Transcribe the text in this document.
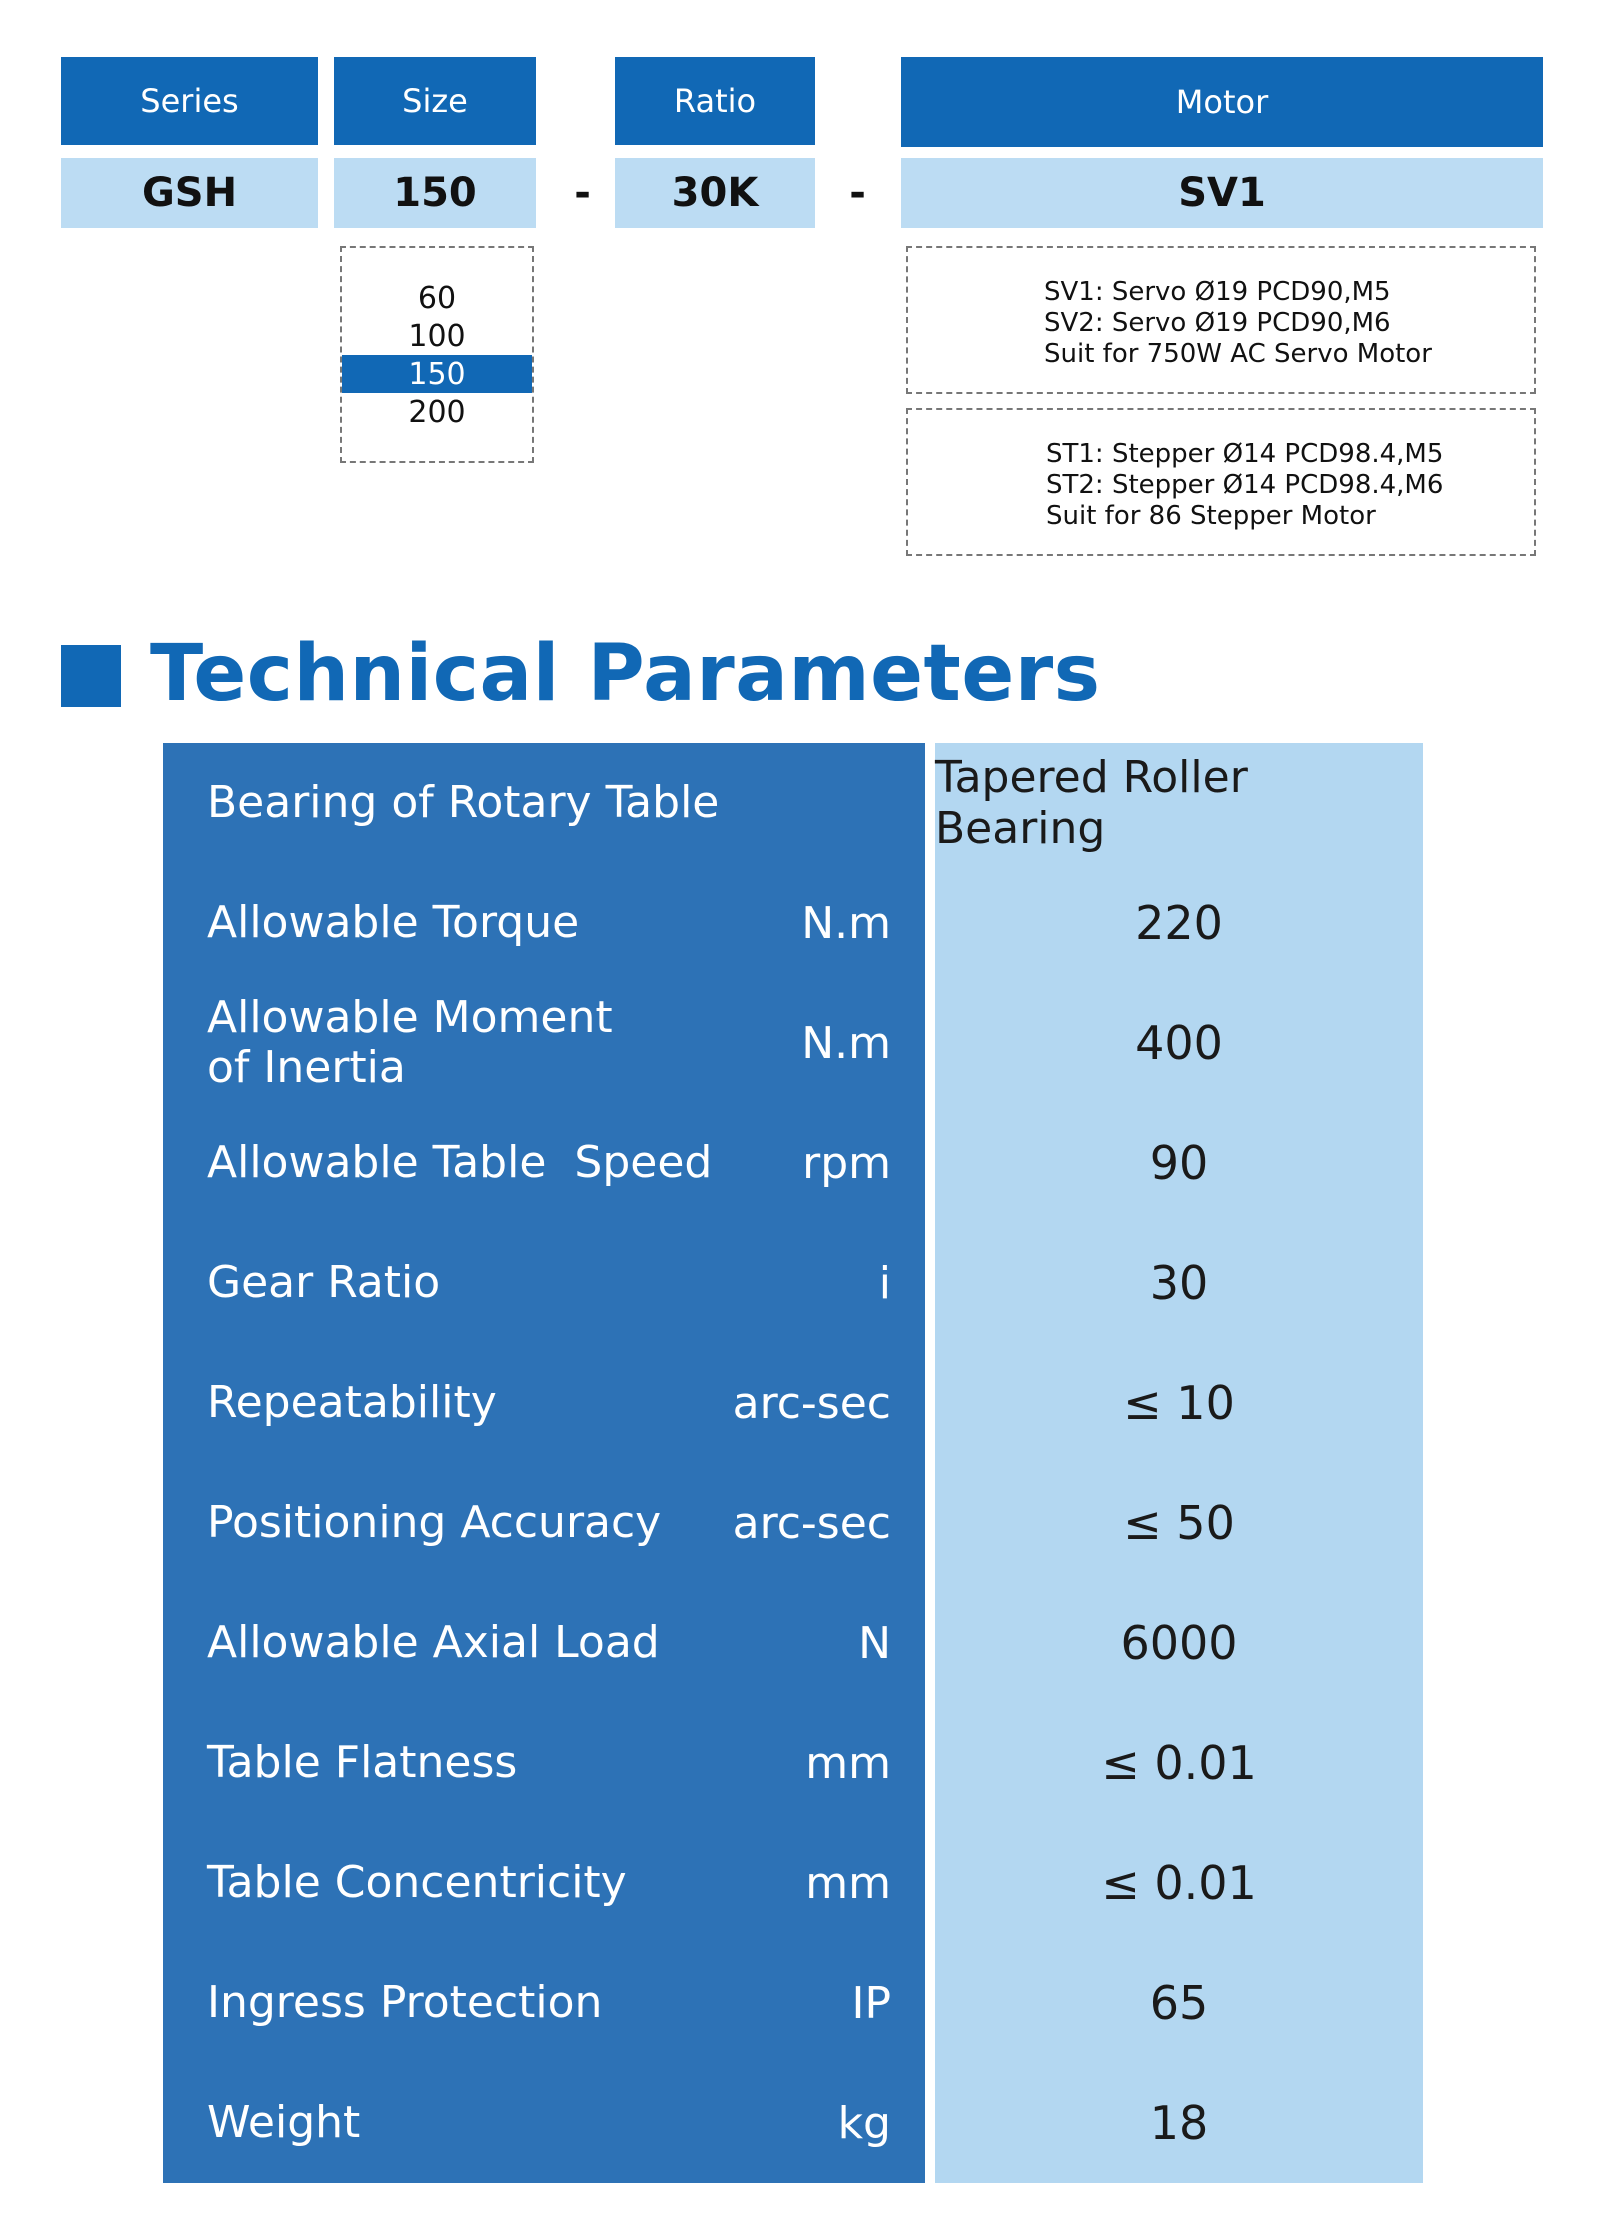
Series	Size	Ratio	Motor
GSH	150	-	30K	-	SV1
60
100
150
200
SV1: Servo Ø19 PCD90,M5
SV2: Servo Ø19 PCD90,M6
Suit for 750W AC Servo Motor
ST1: Stepper Ø14 PCD98.4,M5
ST2: Stepper Ø14 PCD98.4,M6
Suit for 86 Stepper Motor
Technical Parameters
Bearing of Rotary Table	Tapered Roller Bearing
Allowable Torque	N.m	220
Allowable Moment
of Inertia	N.m	400
Allowable Table  Speed rpm	90
Gear Ratio	i	30
Repeatability	arc-sec	≤ 10
Positioning Accuracy arc-sec	≤ 50
Allowable Axial Load	N	6000
Table Flatness	mm	≤ 0.01
Table Concentricity	mm	≤ 0.01
Ingress Protection	IP	65
Weight	kg	18
